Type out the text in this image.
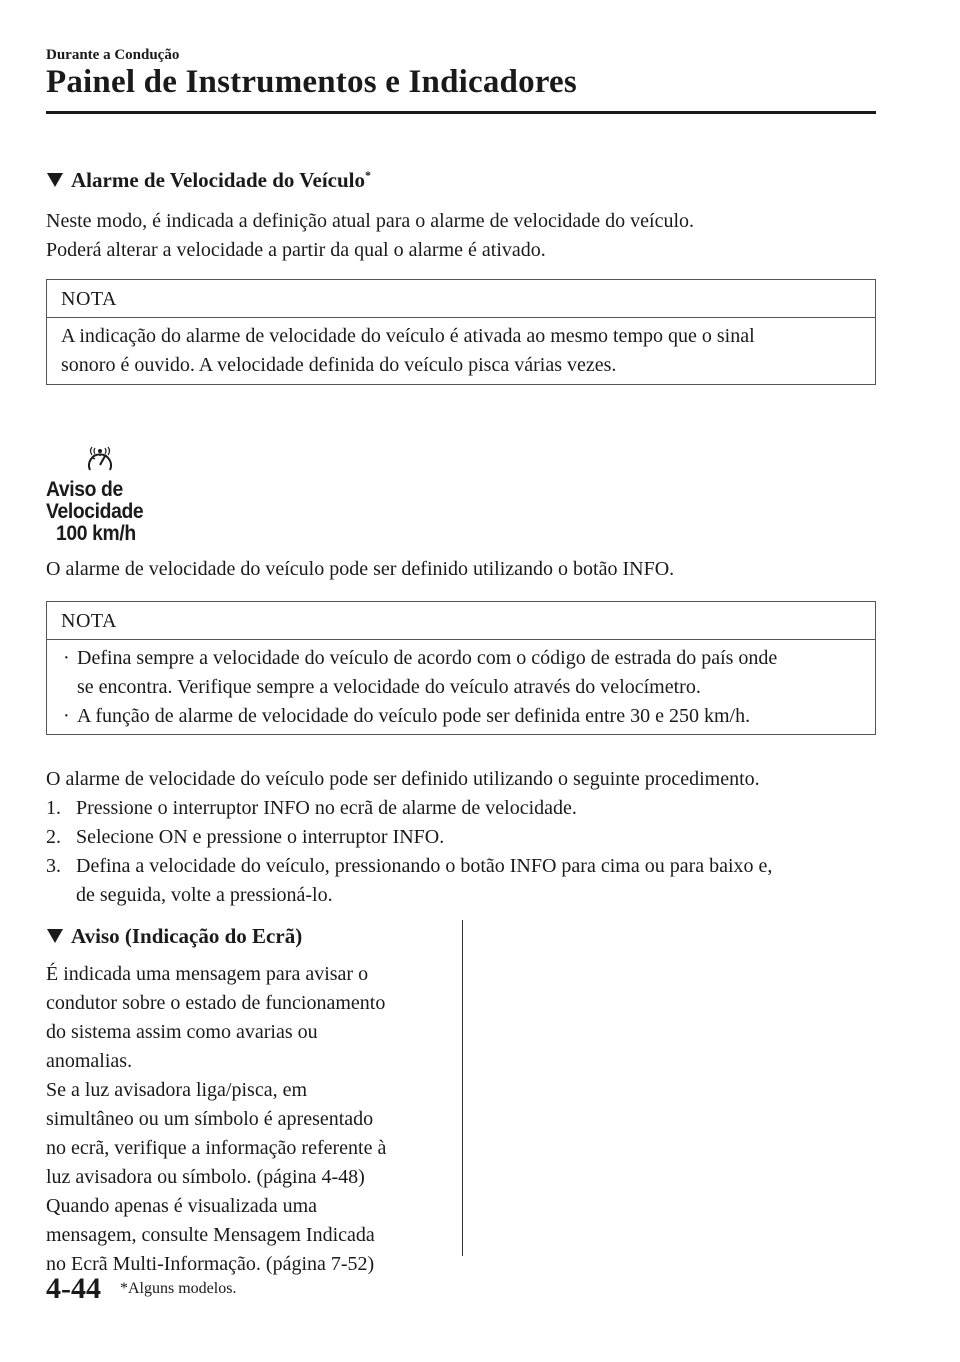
Durante a Condução
Painel de Instrumentos e Indicadores
Alarme de Velocidade do Veículo*
Neste modo, é indicada a definição atual para o alarme de velocidade do veículo.
Poderá alterar a velocidade a partir da qual o alarme é ativado.
NOTA
A indicação do alarme de velocidade do veículo é ativada ao mesmo tempo que o sinal
sonoro é ouvido. A velocidade definida do veículo pisca várias vezes.
Aviso de
Velocidade
100 km/h
O alarme de velocidade do veículo pode ser definido utilizando o botão INFO.
NOTA
· Defina sempre a velocidade do veículo de acordo com o código de estrada do país onde
se encontra. Verifique sempre a velocidade do veículo através do velocímetro.
· A função de alarme de velocidade do veículo pode ser definida entre 30 e 250 km/h.
O alarme de velocidade do veículo pode ser definido utilizando o seguinte procedimento.
1. Pressione o interruptor INFO no ecrã de alarme de velocidade.
2. Selecione ON e pressione o interruptor INFO.
3. Defina a velocidade do veículo, pressionando o botão INFO para cima ou para baixo e,
de seguida, volte a pressioná-lo.
Aviso (Indicação do Ecrã)
É indicada uma mensagem para avisar o
condutor sobre o estado de funcionamento
do sistema assim como avarias ou
anomalias.
Se a luz avisadora liga/pisca, em
simultâneo ou um símbolo é apresentado
no ecrã, verifique a informação referente à
luz avisadora ou símbolo. (página 4-48)
Quando apenas é visualizada uma
mensagem, consulte Mensagem Indicada
no Ecrã Multi-Informação. (página 7-52)
4-44 *Alguns modelos.
